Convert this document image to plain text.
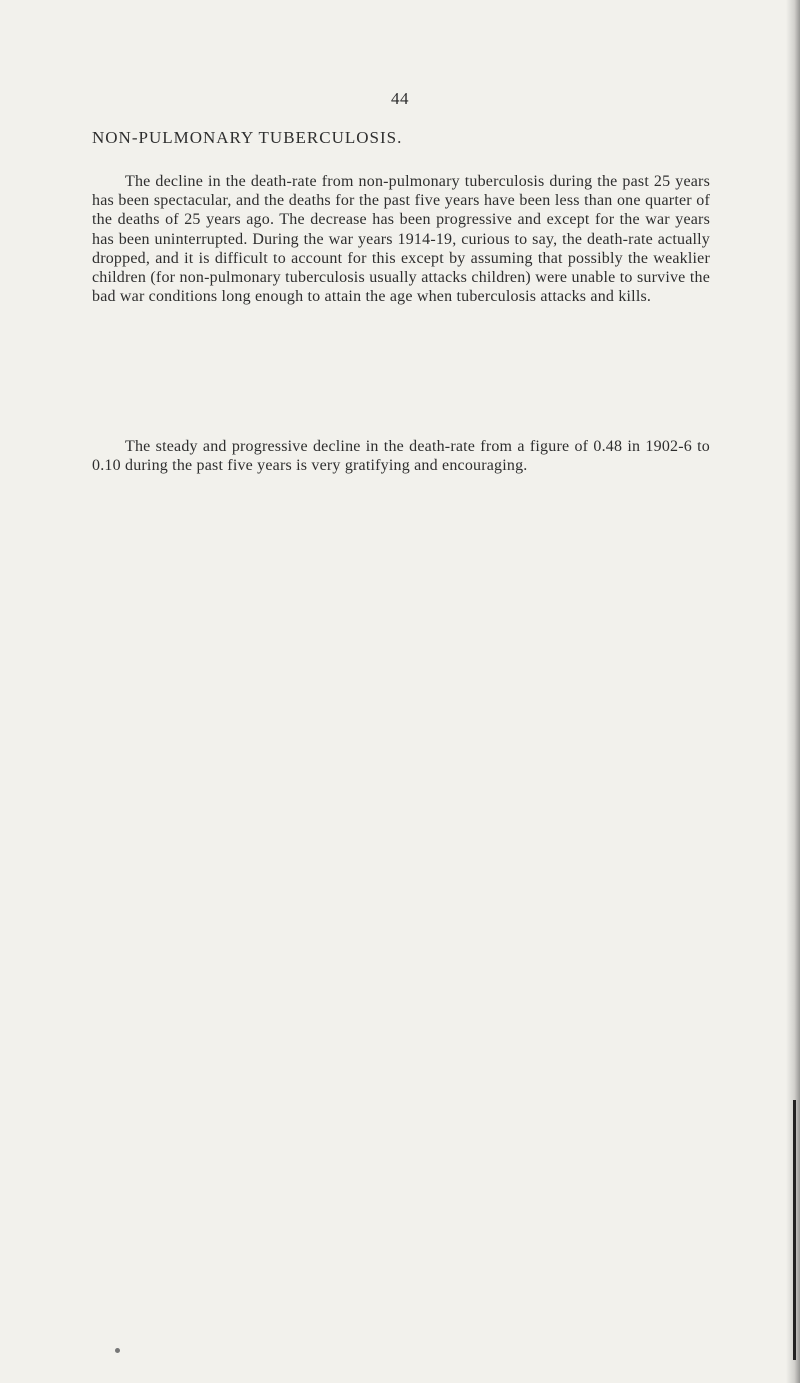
44
NON-PULMONARY TUBERCULOSIS.

The decline in the death-rate from non-pulmonary tuberculosis during the past 25 years has been spectacular, and the deaths for the past five years have been less than one quarter of the deaths of 25 years ago. The decrease has been progressive and except for the war years has been uninterrupted. During the war years 1914-19, curious to say, the death-rate actually dropped, and it is difficult to account for this except by assuming that possibly the weaklier children (for non-pulmonary tuberculosis usually attacks children) were unable to survive the bad war conditions long enough to attain the age when tuberculosis attacks and kills.

The steady and progressive decline in the death-rate from a figure of 0.48 in 1902-6 to 0.10 during the past five years is very gratifying and encouraging.
